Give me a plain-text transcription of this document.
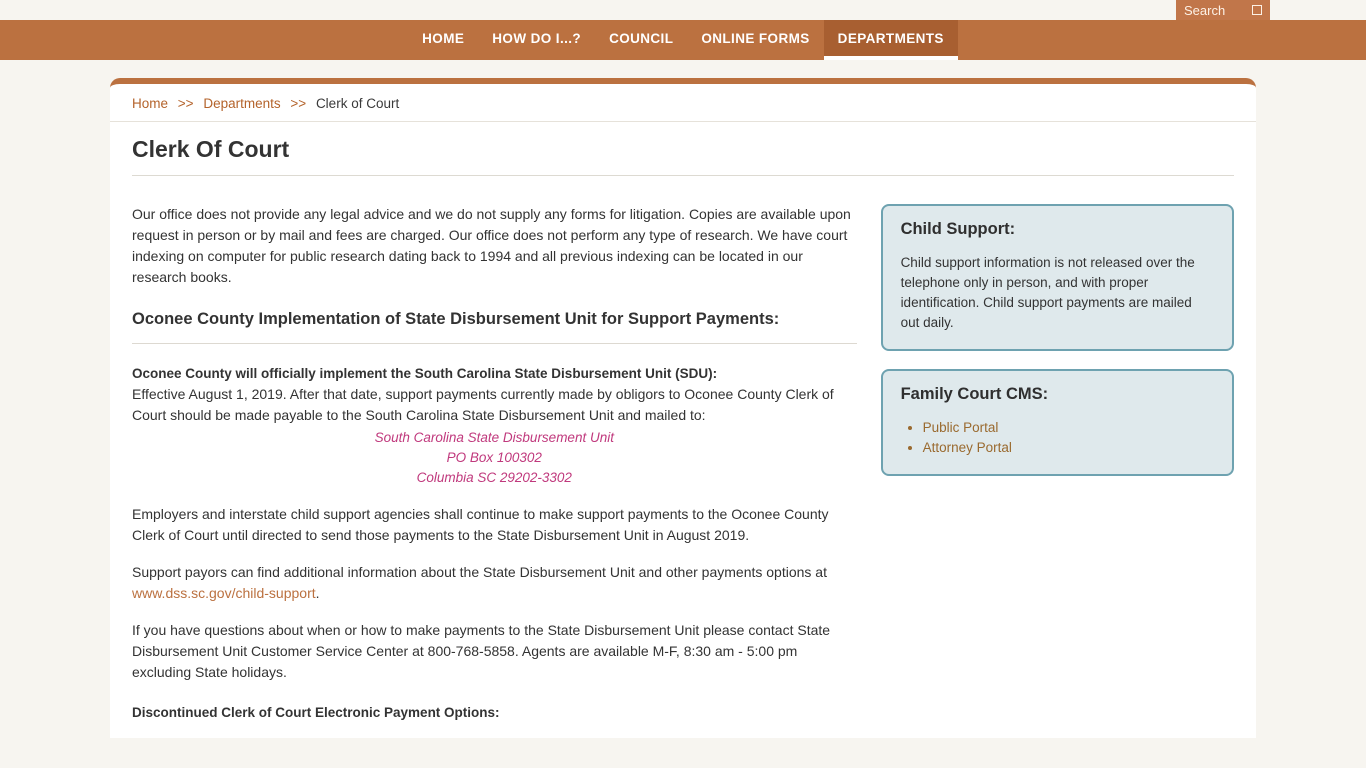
Search
HOME	HOW DO I...?	COUNCIL	ONLINE FORMS	DEPARTMENTS
Home >> Departments >> Clerk of Court
Clerk Of Court

Our office does not provide any legal advice and we do not supply any forms for litigation. Copies are available upon request in person or by mail and fees are charged. Our office does not perform any type of research. We have court indexing on computer for public research dating back to 1994 and all previous indexing can be located in our research books.

Oconee County Implementation of State Disbursement Unit for Support Payments:

Oconee County will officially implement the South Carolina State Disbursement Unit (SDU):

Effective August 1, 2019. After that date, support payments currently made by obligors to Oconee County Clerk of Court should be made payable to the South Carolina State Disbursement Unit and mailed to:

South Carolina State Disbursement Unit
PO Box 100302
Columbia SC 29202-3302

Employers and interstate child support agencies shall continue to make support payments to the Oconee County Clerk of Court until directed to send those payments to the State Disbursement Unit in August 2019.

Support payors can find additional information about the State Disbursement Unit and other payments options at www.dss.sc.gov/child-support.

If you have questions about when or how to make payments to the State Disbursement Unit please contact State Disbursement Unit Customer Service Center at 800-768-5858. Agents are available M-F, 8:30 am - 5:00 pm excluding State holidays.

Discontinued Clerk of Court Electronic Payment Options:

Child Support:

Child support information is not released over the telephone only in person, and with proper identification. Child support payments are mailed out daily.

Family Court CMS:
• Public Portal
• Attorney Portal
